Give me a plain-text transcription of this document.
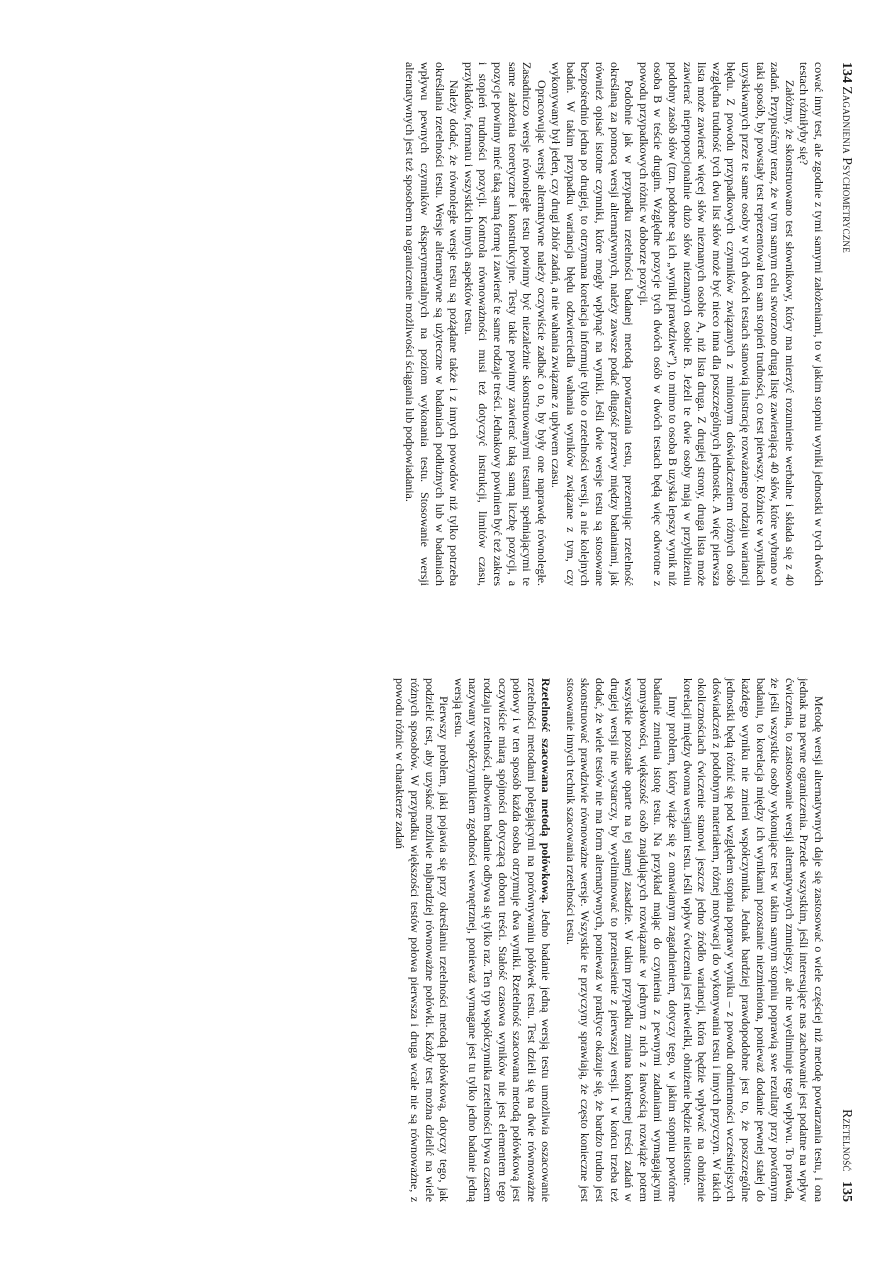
134 Zagadnienia Psychometryczne

cować inny test, ale zgodnie z tymi samymi założeniami, to w jakim stopniu wyniki jednostki w tych dwóch testach różniłyby się?

Załóżmy, że skonstruowano test słownikowy, który ma mierzyć rozumienie werbalne i składa się z 40 zadań. Przypuśćmy teraz, że w tym samym celu stworzono drugą listę zawierającą 40 słów, które wybrano w taki sposób, by powstały test reprezentował ten sam stopień trudności, co test pierwszy. Różnice w wynikach uzyskiwanych przez te same osoby w tych dwóch testach stanowią ilustrację rozważanego rodzaju wariancji błędu. Z powodu przypadkowych czynników związanych z minionym doświadczeniem różnych osób względna trudność tych dwu list słów może być nieco inna dla poszczególnych jednostek. A więc pierwsza lista może zawierać więcej słów nieznanych osobie A, niż lista druga. Z drugiej strony, druga lista może zawierać nieproporcjonalnie dużo słów nieznanych osobie B. Jeżeli te dwie osoby mają w przybliżeniu podobny zasób słów (tzn. podobne są ich „wyniki prawdziwe”), to mimo to osoba B uzyska lepszy wynik niż osoba B w teście drugim. Względne pozycje tych dwóch osób w dwóch testach będą więc odwrotne z powodu przypadkowych różnic w doborze pozycji.

Podobnie jak w przypadku rzetelności badanej metodą powtarzania testu, prezentując rzetelność określaną za pomocą wersji alternatywnych, należy zawsze podać długość przerwy między badaniami, jak również opisać istotne czynniki, które mogły wpłynąć na wyniki. Jeśli dwie wersje testu są stosowane bezpośrednio jedna po drugiej, to otrzymana korelacja informuje tylko o rzetelności wersji, a nie kolejnych badań. W takim przypadku wariancja błędu odzwierciedla wahania wyników związane z tym, czy wykonywany był jeden, czy drugi zbiór zadań, a nie wahania związane z upływem czasu.

Opracowując wersje alternatywne należy oczywiście zadbać o to, by były one naprawdę równoległe. Zasadniczo wersje równoległe testu powinny być niezależnie skonstruowanymi testami spełniającymi te same założenia teoretyczne i konstrukcyjne. Testy takie powinny zawierać taką samą liczbę pozycji, a pozycje powinny mieć taką samą formę i zawierać te same rodzaje treści. Jednakowy powinien być też zakres i stopień trudności pozycji. Kontrola równoważności musi też dotyczyć instrukcji, limitów czasu, przykładów, formatu i wszystkich innych aspektów testu.

Należy dodać, że równoległe wersje testu są pożądane także i z innych powodów niż tylko potrzeba określania rzetelności testu. Wersje alternatywne są użyteczne w badaniach podłużnych lub w badaniach wpływu pewnych czynników eksperymentalnych na poziom wykonania testu. Stosowanie wersji alternatywnych jest też sposobem na ograniczenie możliwości ściągania lub podpowiadania.

Rzetelność 135

Metodę wersji alternatywnych daje się zastosować o wiele częściej niż metodę powtarzania testu, i ona jednak ma pewne ograniczenia. Przede wszystkim, jeśli interesujące nas zachowanie jest podatne na wpływ ćwiczenia, to zastosowanie wersji alternatywnych zmniejszy, ale nie wyeliminuje tego wpływu. To prawda, że jeśli wszystkie osoby wykonujące test w takim samym stopniu poprawią swe rezultaty przy powtórnym badaniu, to korelacja między ich wynikami pozostanie niezmieniona, ponieważ dodanie pewnej stałej do każdego wyniku nie zmieni współczynnika. Jednak bardziej prawdopodobne jest to, że poszczególne jednostki będą różnić się pod względem stopnia poprawy wyniku – z powodu odmienności wcześniejszych doświadczeń z podobnym materiałem, różnej motywacji do wykonywania testu i innych przyczyn. W takich okolicznościach ćwiczenie stanowi jeszcze jedno źródło wariancji, która będzie wpływać na obniżenie korelacji między dwoma wersjami testu. Jeśli wpływ ćwiczenia jest niewielki, obniżenie będzie nieistotne.

Inny problem, który wiąże się z omawianym zagadnieniem, dotyczy tego, w jakim stopniu powtórne badanie zmienia istotę testu. Na przykład mając do czynienia z pewnymi zadaniami wymagającymi pomysłowości, większość osób znajdujących rozwiązanie w jednym z nich z łatwością rozwiąże potem wszystkie pozostałe oparte na tej samej zasadzie. W takim przypadku zmiana konkretnej treści zadań w drugiej wersji nie wystarczy, by wyeliminować to przeniesienie z pierwszej wersji. I w końcu trzeba też dodać, że wiele testów nie ma form alternatywnych, ponieważ w praktyce okazuje się, że bardzo trudno jest skonstruować prawdziwie równoważne wersje. Wszystkie te przyczyny sprawiają, że często konieczne jest stosowanie innych technik szacowania rzetelności testu.

Rzetelność szacowana metodą połówkową. Jedno badanie jedną wersją testu umożliwia oszacowanie rzetelności metodami polegającymi na porównywaniu połówek testu. Test dzieli się na dwie równoważne połowy i w ten sposób każda osoba otrzymuje dwa wyniki. Rzetelność szacowana metodą połówkową jest oczywiście miarą spójności dotyczącą doboru treści. Stałość czasowa wyników nie jest elementem tego rodzaju rzetelności, albowiem badanie odbywa się tylko raz. Ten typ współczynnika rzetelności bywa czasem nazywany współczynnikiem zgodności wewnętrznej, ponieważ wymagane jest tu tylko jedno badanie jedną wersją testu.

Pierwszy problem, jaki pojawia się przy określaniu rzetelności metodą połówkową, dotyczy tego, jak podzielić test, aby uzyskać możliwie najbardziej równoważne połówki. Każdy test można dzielić na wiele różnych sposobów. W przypadku większości testów połowa pierwsza i druga wcale nie są równoważne, z powodu różnic w charakterze zadań
